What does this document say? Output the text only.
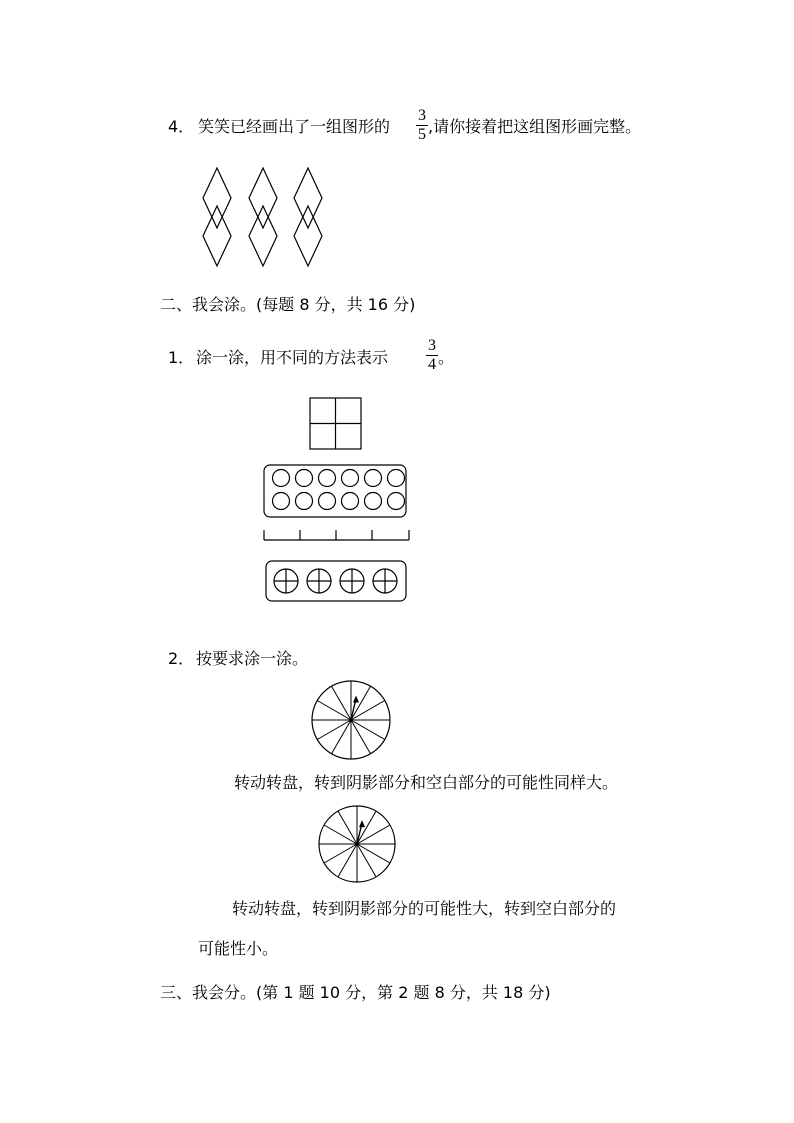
4． 笑笑已经画出了一组图形的
3
5 ,请你接着把这组图形画完整。
二、我会涂。(每题 8 分，共 16 分)
1． 涂一涂，用不同的方法表示
3
4 。
2． 按要求涂一涂。
转动转盘，转到阴影部分和空白部分的可能性同样大。
转动转盘，转到阴影部分的可能性大，转到空白部分的
可能性小。
三、我会分。(第 1 题 10 分，第 2 题 8 分，共 18 分)
